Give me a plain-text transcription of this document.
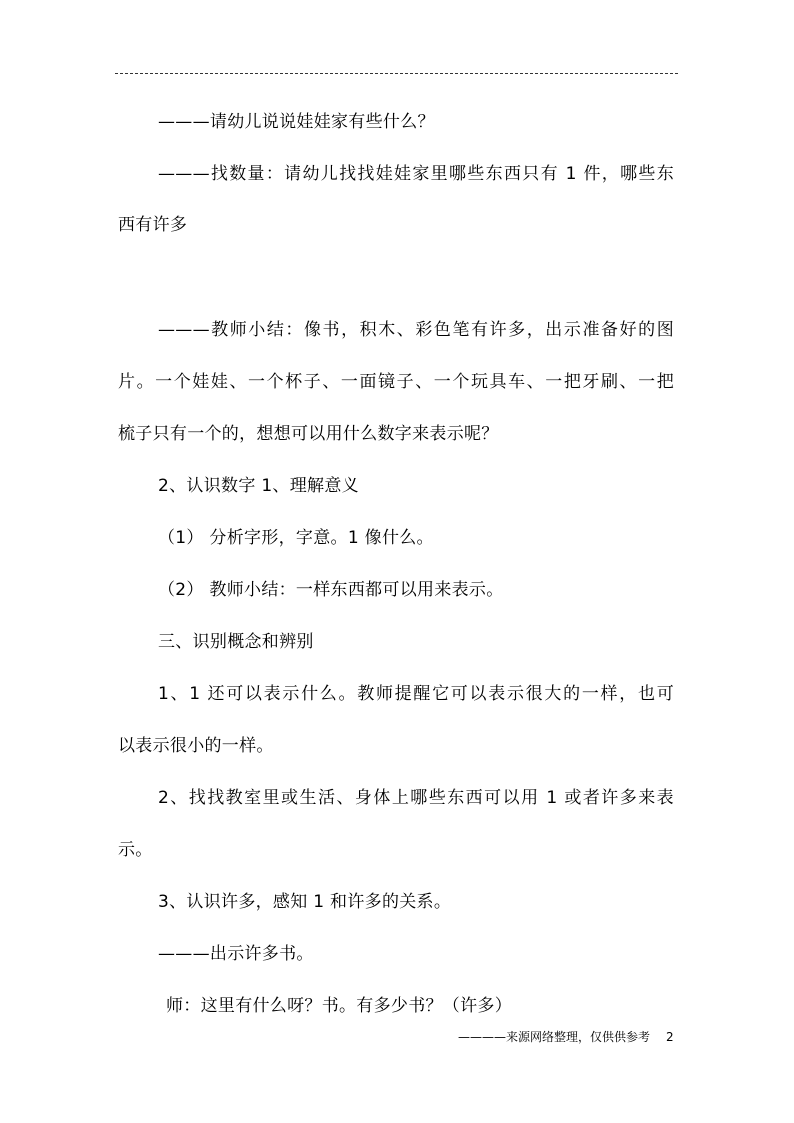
———请幼儿说说娃娃家有些什么？
———找数量：请幼儿找找娃娃家里哪些东西只有 1 件，哪些东
西有许多
———教师小结：像书，积木、彩色笔有许多，出示准备好的图
片。一个娃娃、一个杯子、一面镜子、一个玩具车、一把牙刷、一把
梳子只有一个的，想想可以用什么数字来表示呢？
2、认识数字 1、理解意义
（1） 分析字形，字意。1 像什么。
（2） 教师小结：一样东西都可以用来表示。
三、识别概念和辨别
1、1 还可以表示什么。教师提醒它可以表示很大的一样，也可
以表示很小的一样。
2、找找教室里或生活、身体上哪些东西可以用 1 或者许多来表
示。
3、认识许多，感知 1 和许多的关系。
———出示许多书。
师：这里有什么呀？书。有多少书？（许多）
————来源网络整理，仅供供参考 2
